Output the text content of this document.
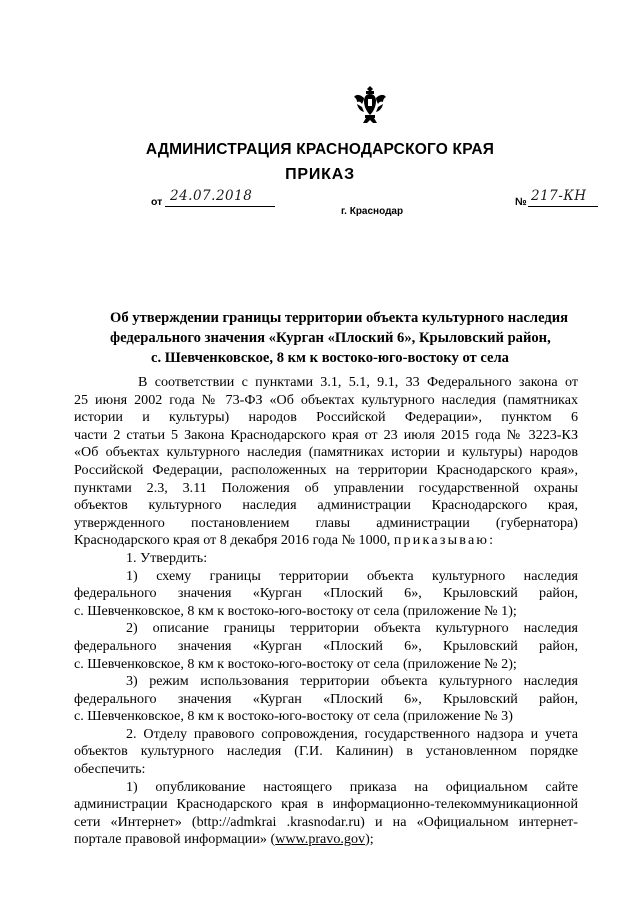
АДМИНИСТРАЦИЯ КРАСНОДАРСКОГО КРАЯ
ПРИКАЗ
от 24.07.2018
г. Краснодар
№ 217-КН
Об утверждении границы территории объекта культурного наследия
федерального значения «Курган «Плоский 6», Крыловский район,
с. Шевченковское, 8 км к востоко-юго-востоку от села
В соответствии с пунктами 3.1, 5.1, 9.1, 33 Федерального закона от
25 июня 2002 года № 73-ФЗ «Об объектах культурного наследия (памятниках
истории и культуры) народов Российской Федерации», пунктом 6
части 2 статьи 5 Закона Краснодарского края от 23 июля 2015 года № 3223-КЗ
«Об объектах культурного наследия (памятниках истории и культуры) народов
Российской Федерации, расположенных на территории Краснодарского края»,
пунктами 2.3, 3.11 Положения об управлении государственной охраны
объектов культурного наследия администрации Краснодарского края,
утвержденного постановлением главы администрации (губернатора)
Краснодарского края от 8 декабря 2016 года № 1000, приказываю:
1. Утвердить:
1) схему границы территории объекта культурного наследия
федерального значения «Курган «Плоский 6», Крыловский район,
с. Шевченковское, 8 км к востоко-юго-востоку от села (приложение № 1);
2) описание границы территории объекта культурного наследия
федерального значения «Курган «Плоский 6», Крыловский район,
с. Шевченковское, 8 км к востоко-юго-востоку от села (приложение № 2);
3) режим использования территории объекта культурного наследия
федерального значения «Курган «Плоский 6», Крыловский район,
с. Шевченковское, 8 км к востоко-юго-востоку от села (приложение № 3)
2. Отделу правового сопровождения, государственного надзора и учета
объектов культурного наследия (Г.И. Калинин) в установленном порядке
обеспечить:
1) опубликование настоящего приказа на официальном сайте
администрации Краснодарского края в информационно-телекоммуникационной
сети «Интернет» (bttp://admkrai .krasnodar.ru) и на «Официальном интернет-
портале правовой информации» (www.pravo.gov);
